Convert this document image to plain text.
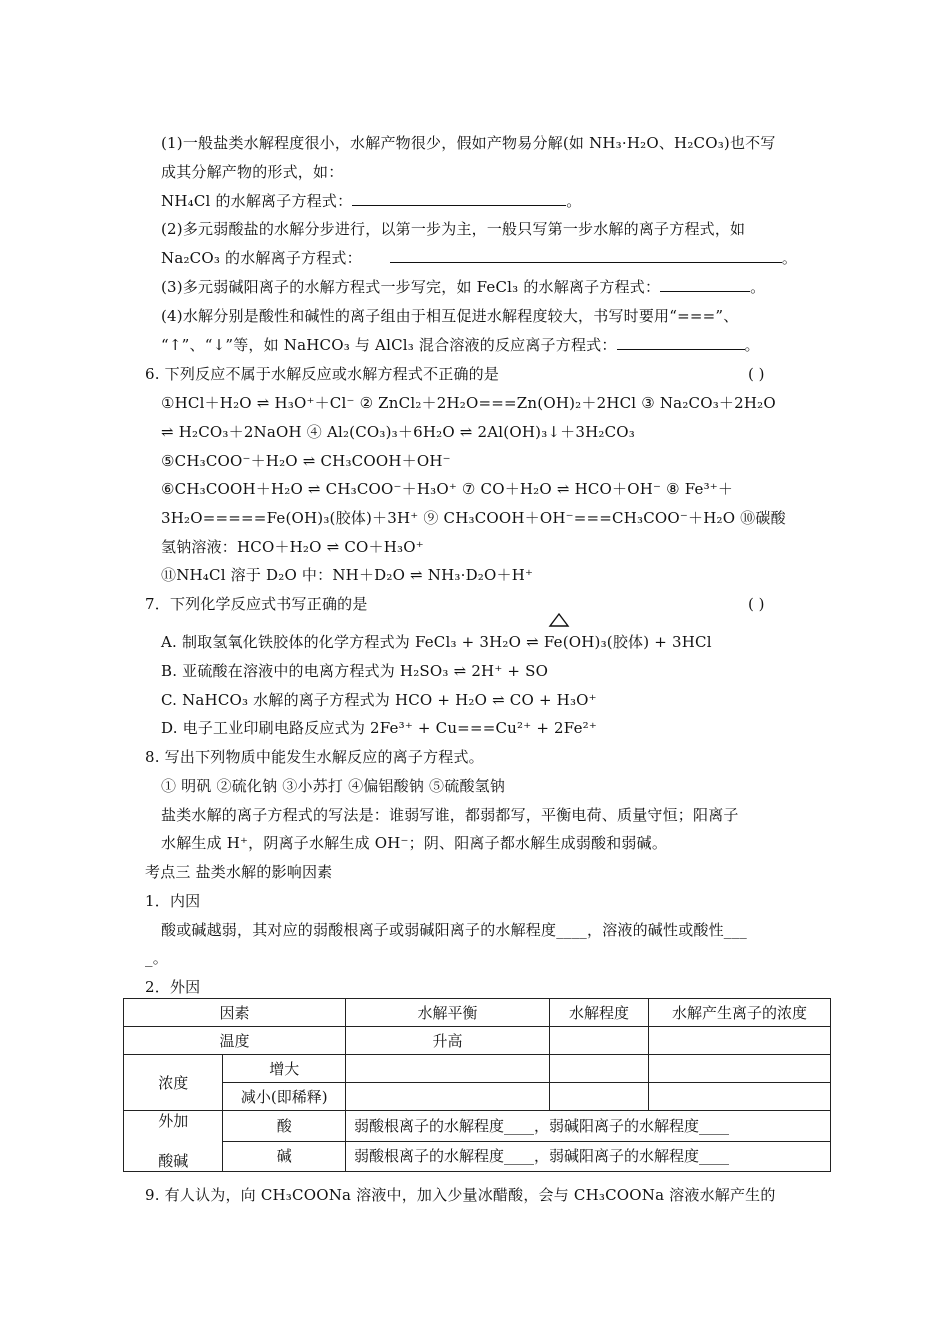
(1)一般盐类水解程度很小，水解产物很少，假如产物易分解(如 NH₃·H₂O、H₂CO₃)也不写
成其分解产物的形式，如：
NH₄Cl 的水解离子方程式：	。
(2)多元弱酸盐的水解分步进行，以第一步为主，一般只写第一步水解的离子方程式，如
Na₂CO₃ 的水解离子方程式：	。
(3)多元弱碱阳离子的水解方程式一步写完，如 FeCl₃ 的水解离子方程式：	。
(4)水解分别是酸性和碱性的离子组由于相互促进水解程度较大，书写时要用“===”、
“↑”、“↓”等，如 NaHCO₃ 与 AlCl₃ 混合溶液的反应离子方程式：	。
6. 下列反应不属于水解反应或水解方程式不正确的是	( )
①HCl＋H₂O ⇌ H₃O⁺＋Cl⁻ ② ZnCl₂＋2H₂O===Zn(OH)₂＋2HCl ③ Na₂CO₃＋2H₂O
⇌ H₂CO₃＋2NaOH ④ Al₂(CO₃)₃＋6H₂O ⇌ 2Al(OH)₃↓＋3H₂CO₃
⑤CH₃COO⁻＋H₂O ⇌ CH₃COOH＋OH⁻
⑥CH₃COOH＋H₂O ⇌ CH₃COO⁻＋H₃O⁺ ⑦ CO＋H₂O ⇌ HCO＋OH⁻ ⑧ Fe³⁺＋
3H₂O=====Fe(OH)₃(胶体)＋3H⁺ ⑨ CH₃COOH＋OH⁻===CH₃COO⁻＋H₂O ⑩碳酸
氢钠溶液：HCO＋H₂O ⇌ CO＋H₃O⁺
⑪NH₄Cl 溶于 D₂O 中：NH＋D₂O ⇌ NH₃·D₂O＋H⁺
7．下列化学反应式书写正确的是	( )
A. 制取氢氧化铁胶体的化学方程式为 FeCl₃ + 3H₂O ⇌ Fe(OH)₃(胶体) + 3HCl
B. 亚硫酸在溶液中的电离方程式为 H₂SO₃ ⇌ 2H⁺ + SO
C. NaHCO₃ 水解的离子方程式为 HCO + H₂O ⇌ CO + H₃O⁺
D. 电子工业印刷电路反应式为 2Fe³⁺ + Cu===Cu²⁺ + 2Fe²⁺
8. 写出下列物质中能发生水解反应的离子方程式。
① 明矾 ②硫化钠 ③小苏打 ④偏铝酸钠 ⑤硫酸氢钠
盐类水解的离子方程式的写法是：谁弱写谁，都弱都写，平衡电荷、质量守恒；阳离子
水解生成 H⁺，阴离子水解生成 OH⁻；阴、阳离子都水解生成弱酸和弱碱。
考点三 盐类水解的影响因素
1．内因
酸或碱越弱，其对应的弱酸根离子或弱碱阳离子的水解程度____，溶液的碱性或酸性___
_。
2．外因
因素		水解平衡	水解程度	水解产生离子的浓度
温度		升高		
浓度	增大			
	减小(即稀释)			
外加

酸碱	酸	弱酸根离子的水解程度____，弱碱阳离子的水解程度____		
	碱	弱酸根离子的水解程度____，弱碱阳离子的水解程度____		
9. 有人认为，向 CH₃COONa 溶液中，加入少量冰醋酸，会与 CH₃COONa 溶液水解产生的
